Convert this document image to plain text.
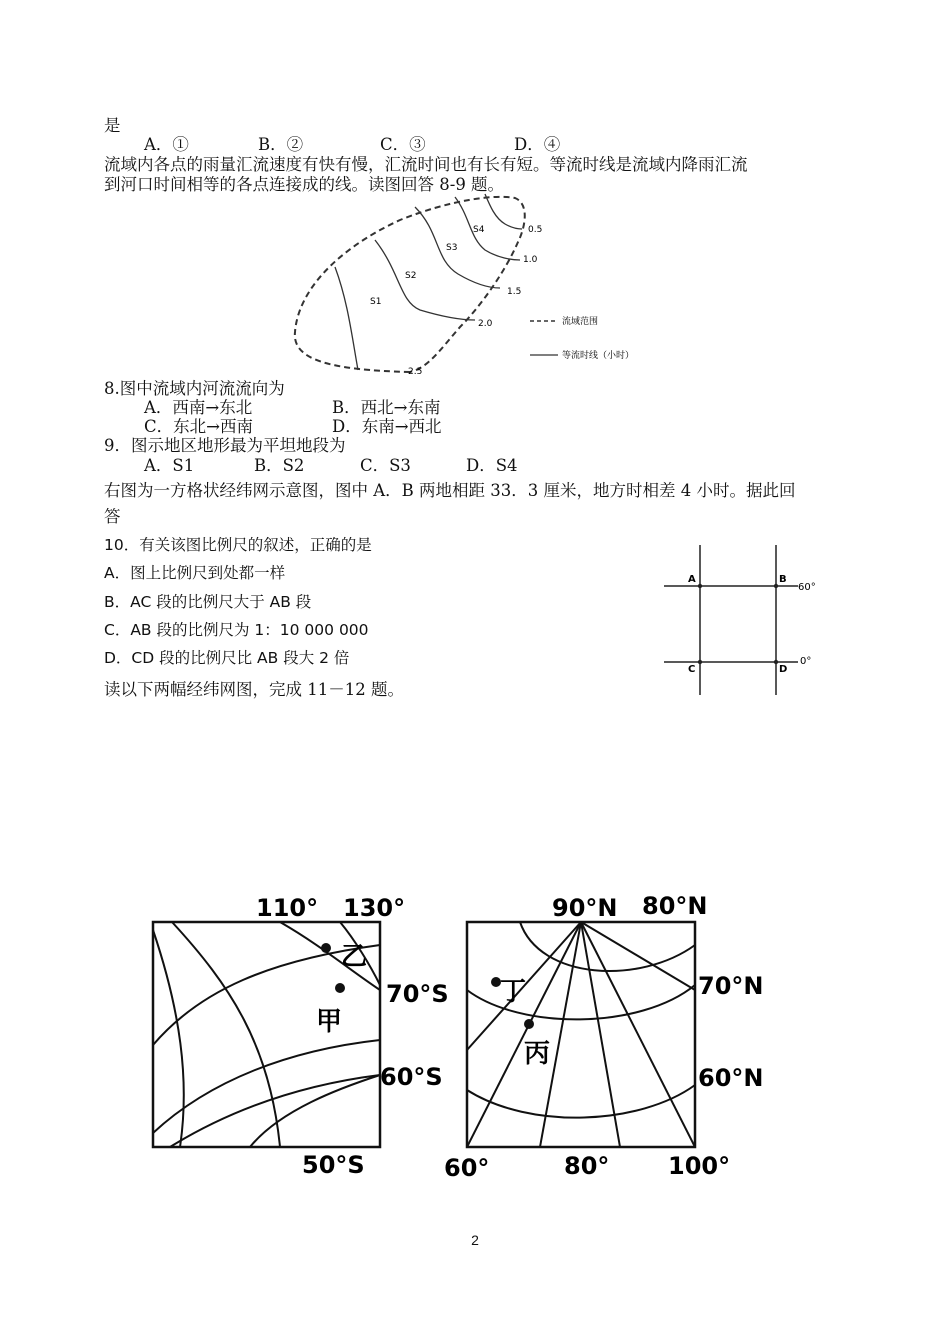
是
A．①	B．②	C．③	D．④
流域内各点的雨量汇流速度有快有慢，汇流时间也有长有短。等流时线是流域内降雨汇流
到河口时间相等的各点连接成的线。读图回答 8-9 题。
S4
S3
S2
S1
0.5
1.0
1.5
2.0
2.5
流域范围
等流时线（小时）
8.图中流域内河流流向为
A．西南→东北	B．西北→东南
C．东北→西南	D．东南→西北
9．图示地区地形最为平坦地段为
A．S1	B．S2	C．S3	D．S4
右图为一方格状经纬网示意图，图中 A．B 两地相距 33．3 厘米，地方时相差 4 小时。据此回
答
10．有关该图比例尺的叙述，正确的是
A．图上比例尺到处都一样
B．AC 段的比例尺大于 AB 段
C．AB 段的比例尺为 1：10 000 000
D．CD 段的比例尺比 AB 段大 2 倍
A	B
C	D
60°
0°
读以下两幅经纬网图，完成 11－12 题。
乙
甲
110° 130°
70°S
60°S
50°S
丁
丙
90°N 80°N
70°N
60°N
60°	80° 100°
2
